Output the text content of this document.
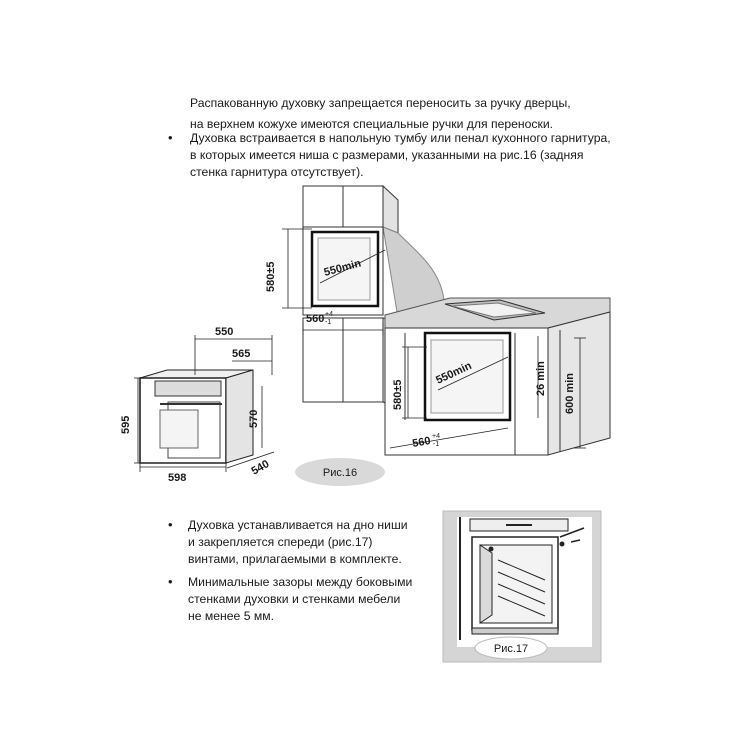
Распакованную духовку запрещается переносить за ручку дверцы,
на верхнем кожухе имеются специальные ручки для переноски.
• Духовка встраивается в напольную тумбу или пенал кухонного гарнитура,
в которых имеется ниша с размерами, указанными на рис.16 (задняя
стенка гарнитура отсутствует).
580±5	550min
560 +4
-1
550
565
595	570
598
540
580±5
550min
560 +4
-1
26 min 600 min
Рис.16
• Духовка устанавливается на дно ниши
и закрепляется спереди (рис.17)
винтами, прилагаемыми в комплекте.
• Минимальные зазоры между боковыми
стенками духовки и стенками мебели
не менее 5 мм.
Рис.17
